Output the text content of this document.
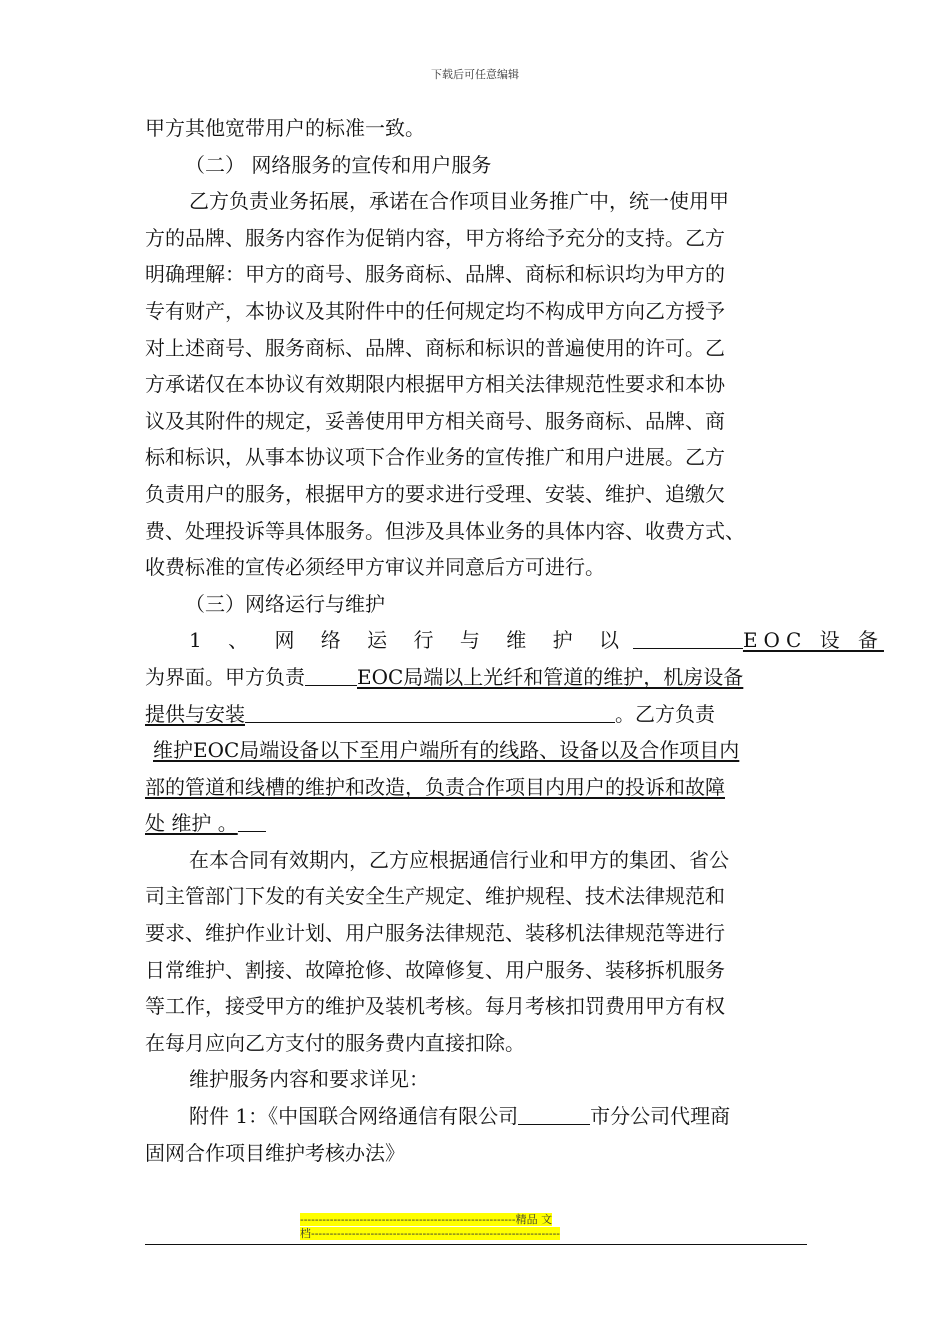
下载后可任意编辑
甲方其他宽带用户的标准一致。
（二） 网络服务的宣传和用户服务
乙方负责业务拓展，承诺在合作项目业务推广中，统一使用甲
方的品牌、服务内容作为促销内容，甲方将给予充分的支持。乙方
明确理解：甲方的商号、服务商标、品牌、商标和标识均为甲方的
专有财产，本协议及其附件中的任何规定均不构成甲方向乙方授予
对上述商号、服务商标、品牌、商标和标识的普遍使用的许可。乙
方承诺仅在本协议有效期限内根据甲方相关法律规范性要求和本协
议及其附件的规定，妥善使用甲方相关商号、服务商标、品牌、商
标和标识，从事本协议项下合作业务的宣传推广和用户进展。乙方
负责用户的服务，根据甲方的要求进行受理、安装、维护、追缴欠
费、处理投诉等具体服务。但涉及具体业务的具体内容、收费方式、
收费标准的宣传必须经甲方审议并同意后方可进行。
（三）网络运行与维护
1 、 网 络 运 行 与 维 护 以	EOC 设 备
为界面。甲方负责	EOC局端以上光纤和管道的维护，机房设备
提供与安装	。乙方负责
维护EOC局端设备以下至用户端所有的线路、设备以及合作项目内
部的管道和线槽的维护和改造，负责合作项目内用户的投诉和故障
处 维护 。
在本合同有效期内，乙方应根据通信行业和甲方的集团、省公
司主管部门下发的有关安全生产规定、维护规程、技术法律规范和
要求、维护作业计划、用户服务法律规范、装移机法律规范等进行
日常维护、割接、故障抢修、故障修复、用户服务、装移拆机服务
等工作，接受甲方的维护及装机考核。每月考核扣罚费用甲方有权
在每月应向乙方支付的服务费内直接扣除。
维护服务内容和要求详见：
附件 1：《中国联合网络通信有限公司	市分公司代理商
固网合作项目维护考核办法》
----------------------------------------------------------精品 文
档-------------------------------------------------------------------
